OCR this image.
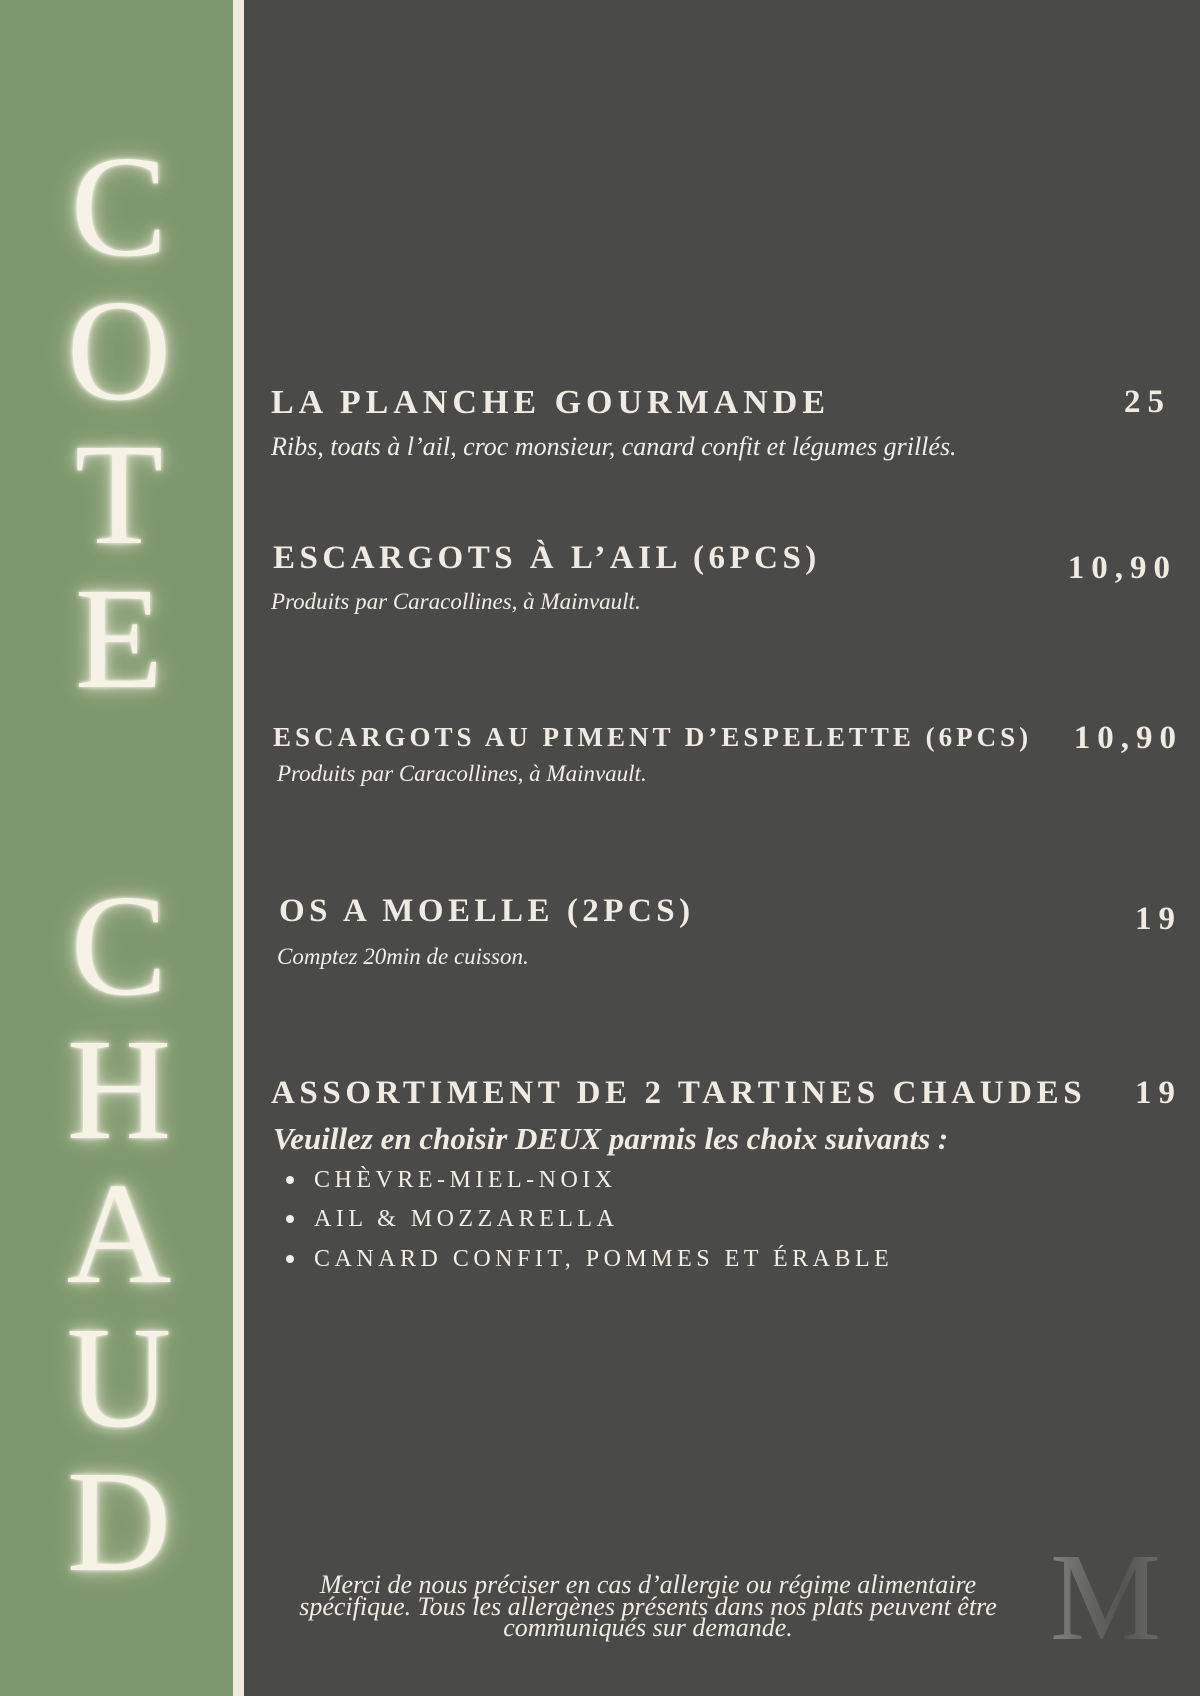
COTE
CHAUD
LA PLANCHE GOURMANDE	25
Ribs, toats à l’ail, croc monsieur, canard confit et légumes grillés.
ESCARGOTS À L’AIL (6PCS)	10,90
Produits par Caracollines, à Mainvault.
ESCARGOTS AU PIMENT D’ESPELETTE (6PCS) 10,90
Produits par Caracollines, à Mainvault.
OS A MOELLE (2PCS)	19
Comptez 20min de cuisson.
ASSORTIMENT DE 2 TARTINES CHAUDES 19
Veuillez en choisir DEUX parmis les choix suivants :
CHÈVRE-MIEL-NOIX
AIL & MOZZARELLA
CANARD CONFIT, POMMES ET ÉRABLE
Merci de nous préciser en cas d’allergie ou régime alimentaire
spécifique. Tous les allergènes présents dans nos plats peuvent être
communiqués sur demande.	M
